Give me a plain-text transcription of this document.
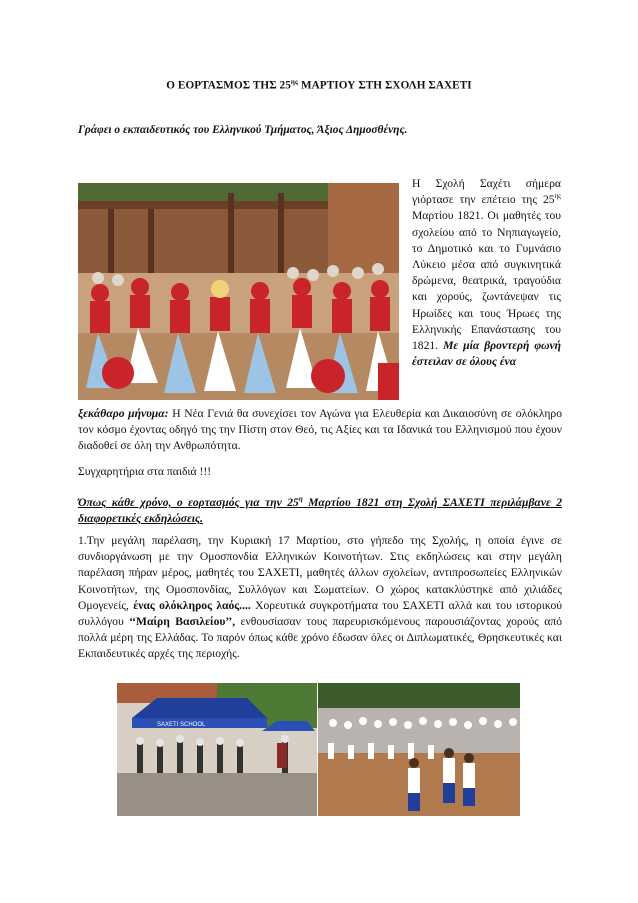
Ο ΕΟΡΤΑΣΜΟΣ ΤΗΣ $25^{\eta\varsigma}$ ΜΑΡΤΙΟΥ ΣΤΗ ΣΧΟΛΗ ΣΑΧΕΤΙ
Γράφει ο εκπαιδευτικός του Ελληνικού Τμήματος, Άξιος Δημοσθένης.
Η Σχολή Σαχέτι σήμερα γιόρτασε την επέτειο της $25^{\eta\varsigma}$ Μαρτίου 1821. Οι μαθητές του σχολείου από το Νηπιαγωγείο, το Δημοτικό και το Γυμνάσιο Λύκειο μέσα από συγκινητικά δρώμενα, θεατρικά, τραγούδια και χορούς, ζωντάνεψαν τις Ηρωίδες και τους Ήρωες της Ελληνικής Επανάστασης του 1821. Με μία βροντερή φωνή έστειλαν σε όλους ένα
ξεκάθαρο μήνυμα: Η Νέα Γενιά θα συνεχίσει τον Αγώνα για Ελευθερία και Δικαιοσύνη σε ολόκληρο τον κόσμο έχοντας οδηγό της την Πίστη στον Θεό, τις Αξίες και τα Ιδανικά του Ελληνισμού που έχουν διαδοθεί σε όλη την Ανθρωπότητα.
Συγχαρητήρια στα παιδιά !!!
Όπως κάθε χρόνο, ο εορτασμός για την $25^\eta$ Μαρτίου 1821 στη Σχολή ΣΑΧΕΤΙ περιλάμβανε 2 διαφορετικές εκδηλώσεις.
1.Την μεγάλη παρέλαση, την Κυριακή 17 Μαρτίου, στο γήπεδο της Σχολής, η οποία έγινε σε συνδιοργάνωση με την Ομοσπονδία Ελληνικών Κοινοτήτων. Στις εκδηλώσεις και στην μεγάλη παρέλαση πήραν μέρος, μαθητές του ΣΑΧΕΤΙ, μαθητές άλλων σχολείων, αντιπροσωπείες Ελληνικών Κοινοτήτων, της Ομοσπονδίας, Συλλόγων και Σωματείων. Ο χώρος κατακλύστηκε από χιλιάδες Ομογενείς, ένας ολόκληρος λαός.... Χορευτικά συγκροτήματα του ΣΑΧΕΤΙ αλλά και του ιστορικού συλλόγου ‘‘Μαίρη Βασιλείου’’, ενθουσίασαν τους παρευρισκόμενους παρουσιάζοντας χορούς από πολλά μέρη της Ελλάδας. Το παρόν όπως κάθε χρόνο έδωσαν όλες οι Διπλωματικές, Θρησκευτικές και Εκπαιδευτικές αρχές της περιοχής.
SAXETI SCHOOL
